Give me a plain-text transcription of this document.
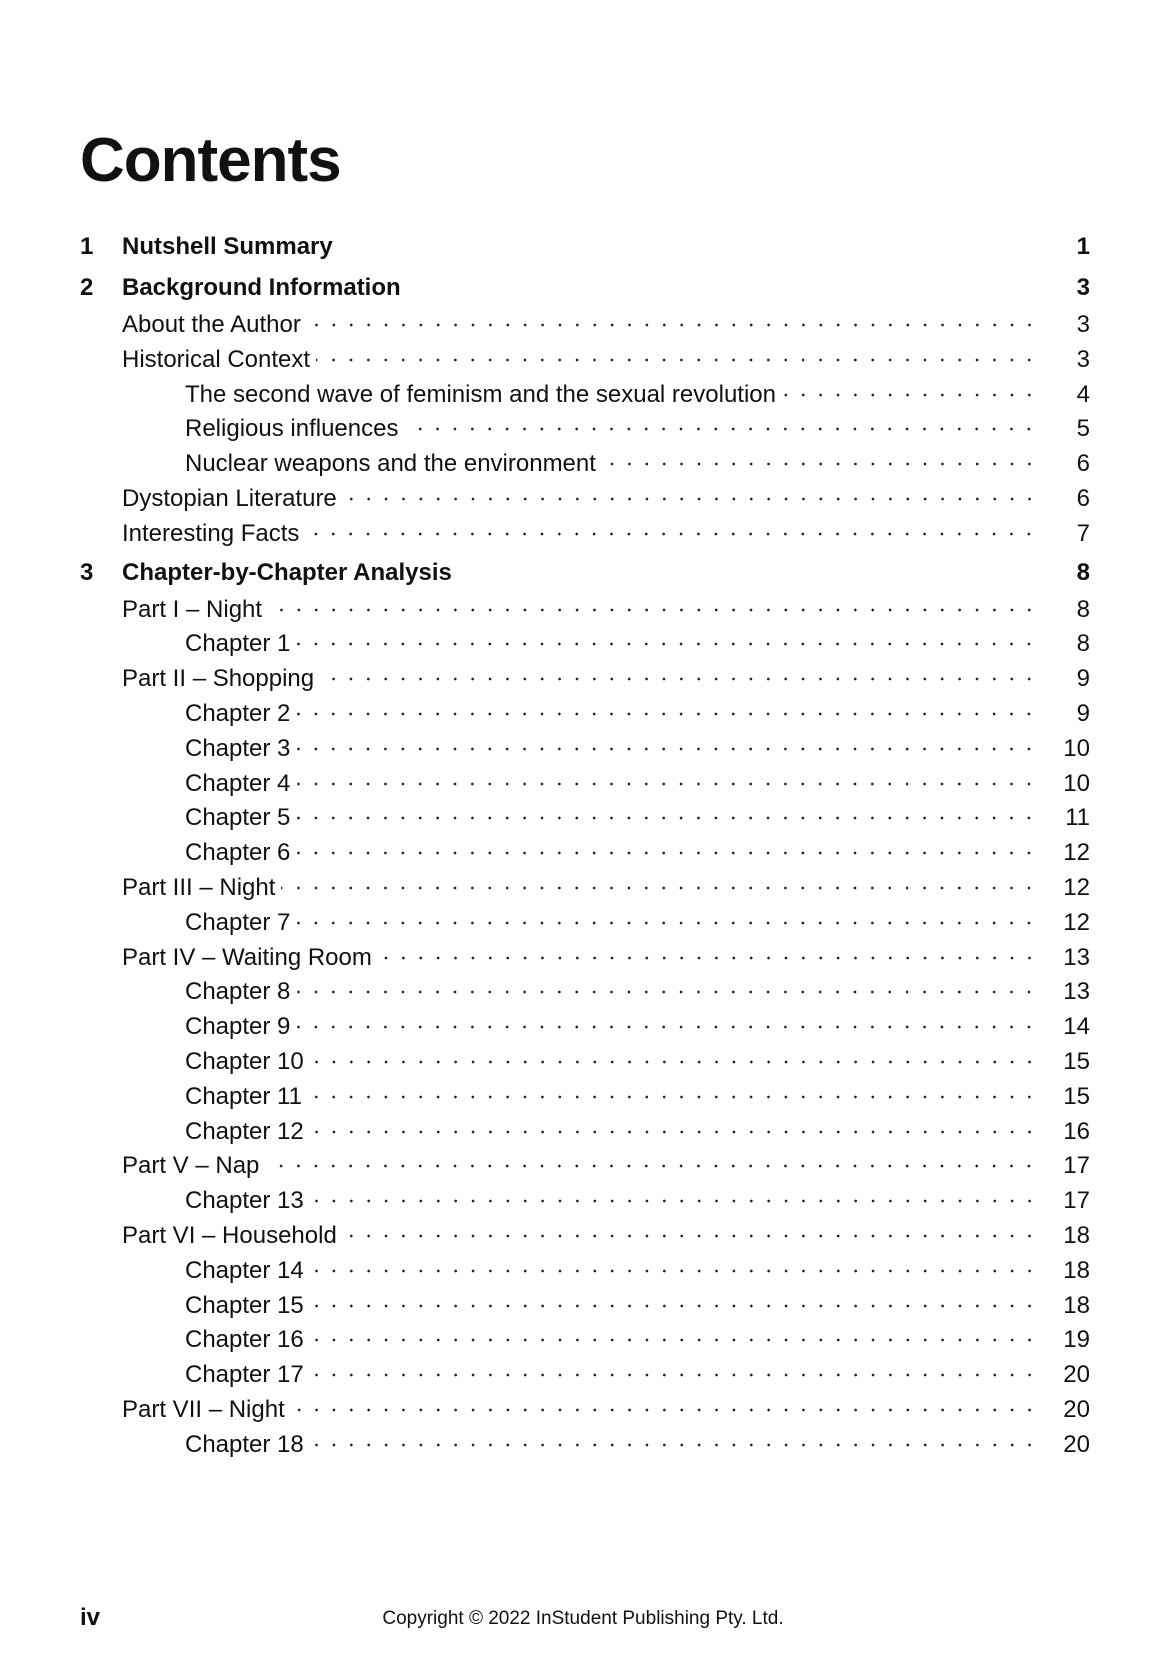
Contents
1	Nutshell Summary	1
2	Background Information	3
About the Author	3
Historical Context	3
The second wave of feminism and the sexual revolution	4
Religious influences	5
Nuclear weapons and the environment	6
Dystopian Literature	6
Interesting Facts	7
3	Chapter-by-Chapter Analysis	8
Part I – Night	8
Chapter 1	8
Part II – Shopping	9
Chapter 2	9
Chapter 3	10
Chapter 4	10
Chapter 5	11
Chapter 6	12
Part III – Night	12
Chapter 7	12
Part IV – Waiting Room	13
Chapter 8	13
Chapter 9	14
Chapter 10	15
Chapter 11	15
Chapter 12	16
Part V – Nap	17
Chapter 13	17
Part VI – Household	18
Chapter 14	18
Chapter 15	18
Chapter 16	19
Chapter 17	20
Part VII – Night	20
Chapter 18	20
iv	Copyright © 2022 InStudent Publishing Pty. Ltd.
